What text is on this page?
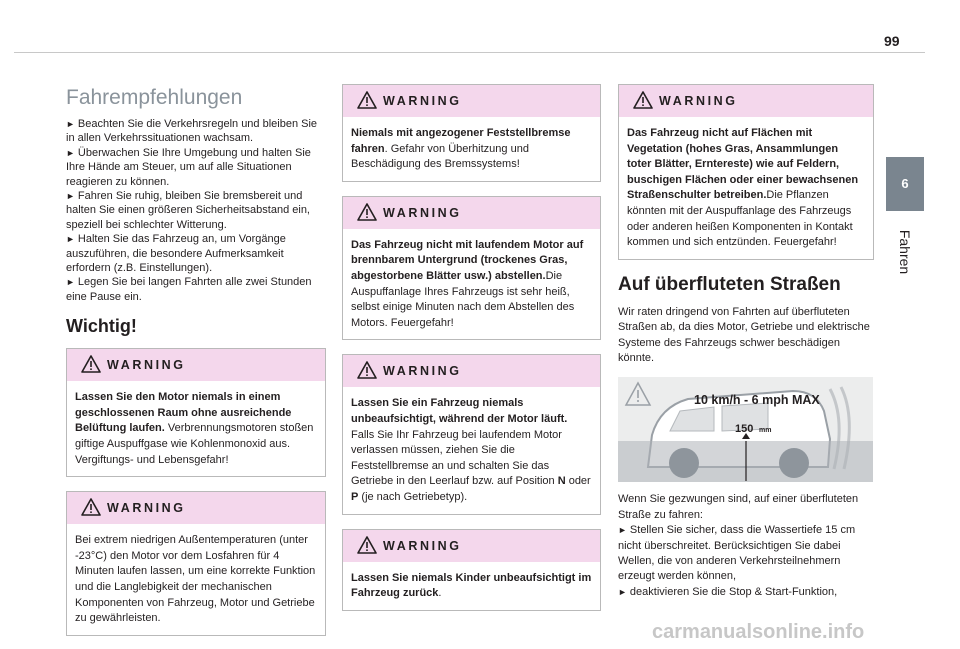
99
6
Fahren
Fahrempfehlungen
► Beachten Sie die Verkehrsregeln und bleiben Sie in allen Verkehrssituationen wachsam.
► Überwachen Sie Ihre Umgebung und halten Sie Ihre Hände am Steuer, um auf alle Situationen reagieren zu können.
► Fahren Sie ruhig, bleiben Sie bremsbereit und halten Sie einen größeren Sicherheitsabstand ein, speziell bei schlechter Witterung.
► Halten Sie das Fahrzeug an, um Vorgänge auszuführen, die besondere Aufmerksamkeit erfordern (z.B. Einstellungen).
► Legen Sie bei langen Fahrten alle zwei Stunden eine Pause ein.
Wichtig!
WARNING
Lassen Sie den Motor niemals in einem geschlossenen Raum ohne ausreichende Belüftung laufen. Verbrennungsmotoren stoßen giftige Auspuffgase wie Kohlenmonoxid aus. Vergiftungs- und Lebensgefahr!
WARNING
Bei extrem niedrigen Außentemperaturen (unter -23°C) den Motor vor dem Losfahren für 4 Minuten laufen lassen, um eine korrekte Funktion und die Langlebigkeit der mechanischen Komponenten von Fahrzeug, Motor und Getriebe zu gewährleisten.
WARNING
Niemals mit angezogener Feststellbremse fahren. Gefahr von Überhitzung und Beschädigung des Bremssystems!
WARNING
Das Fahrzeug nicht mit laufendem Motor auf brennbarem Untergrund (trockenes Gras, abgestorbene Blätter usw.) abstellen.Die Auspuffanlage Ihres Fahrzeugs ist sehr heiß, selbst einige Minuten nach dem Abstellen des Motors. Feuergefahr!
WARNING
Lassen Sie ein Fahrzeug niemals unbeaufsichtigt, während der Motor läuft. Falls Sie Ihr Fahrzeug bei laufendem Motor verlassen müssen, ziehen Sie die Feststellbremse an und schalten Sie das Getriebe in den Leerlauf bzw. auf Position N oder P (je nach Getriebetyp).
WARNING
Lassen Sie niemals Kinder unbeaufsichtigt im Fahrzeug zurück.
WARNING
Das Fahrzeug nicht auf Flächen mit Vegetation (hohes Gras, Ansammlungen toter Blätter, Erntereste) wie auf Feldern, buschigen Flächen oder einer bewachsenen Straßenschulter betreiben.Die Pflanzen könnten mit der Auspuffanlage des Fahrzeugs oder anderen heißen Komponenten in Kontakt kommen und sich entzünden. Feuergefahr!
Auf überfluteten Straßen
Wir raten dringend von Fahrten auf überfluteten Straßen ab, da dies Motor, Getriebe und elektrische Systeme des Fahrzeugs schwer beschädigen könnte.
10 km/h - 6 mph MAX
150 mm
Wenn Sie gezwungen sind, auf einer überfluteten Straße zu fahren:
► Stellen Sie sicher, dass die Wassertiefe 15 cm nicht überschreitet. Berücksichtigen Sie dabei Wellen, die von anderen Verkehrsteilnehmern erzeugt werden können,
► deaktivieren Sie die Stop & Start-Funktion,
carmanualsonline.info
